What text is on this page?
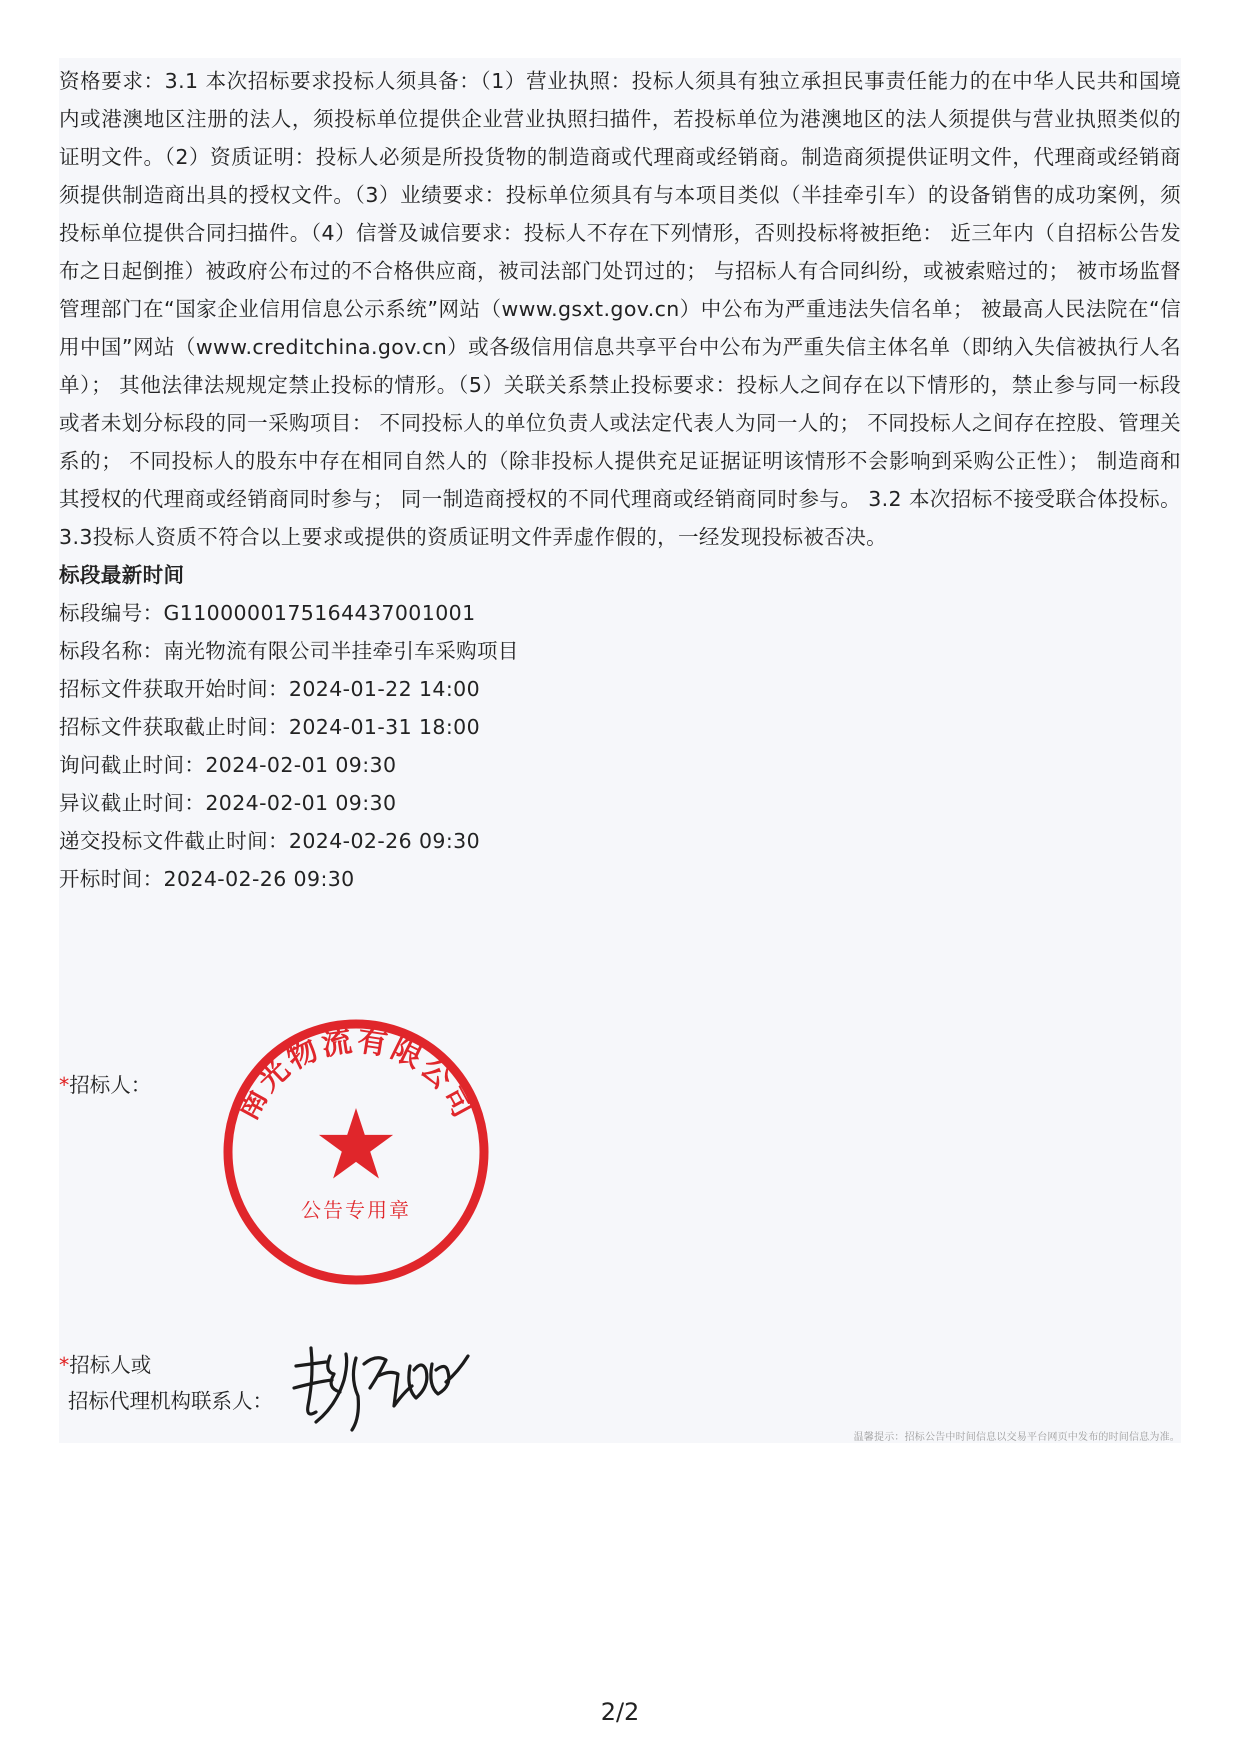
资格要求：3.1 本次招标要求投标人须具备：（1）营业执照：投标人须具有独立承担民事责任能力的在中华人民共和国境内或港澳地区注册的法人，须投标单位提供企业营业执照扫描件，若投标单位为港澳地区的法人须提供与营业执照类似的证明文件。（2）资质证明：投标人必须是所投货物的制造商或代理商或经销商。制造商须提供证明文件，代理商或经销商须提供制造商出具的授权文件。（3）业绩要求：投标单位须具有与本项目类似（半挂牵引车）的设备销售的成功案例，须投标单位提供合同扫描件。（4）信誉及诚信要求：投标人不存在下列情形，否则投标将被拒绝： 近三年内（自招标公告发布之日起倒推）被政府公布过的不合格供应商，被司法部门处罚过的； 与招标人有合同纠纷，或被索赔过的； 被市场监督管理部门在“国家企业信用信息公示系统”网站（www.gsxt.gov.cn）中公布为严重违法失信名单； 被最高人民法院在“信用中国”网站（www.creditchina.gov.cn）或各级信用信息共享平台中公布为严重失信主体名单（即纳入失信被执行人名单）； 其他法律法规规定禁止投标的情形。（5）关联关系禁止投标要求：投标人之间存在以下情形的，禁止参与同一标段或者未划分标段的同一采购项目： 不同投标人的单位负责人或法定代表人为同一人的； 不同投标人之间存在控股、管理关系的； 不同投标人的股东中存在相同自然人的（除非投标人提供充足证据证明该情形不会影响到采购公正性）； 制造商和其授权的代理商或经销商同时参与； 同一制造商授权的不同代理商或经销商同时参与。 3.2 本次招标不接受联合体投标。 3.3投标人资质不符合以上要求或提供的资质证明文件弄虚作假的，一经发现投标被否决。

标段最新时间

标段编号：G1100000175164437001001

标段名称：南光物流有限公司半挂牵引车采购项目

招标文件获取开始时间：2024-01-22 14:00

招标文件获取截止时间：2024-01-31 18:00

询问截止时间：2024-02-01 09:30

异议截止时间：2024-02-01 09:30

递交投标文件截止时间：2024-02-26 09:30

开标时间：2024-02-26 09:30

*招标人：	南光物流有限公司
公告专用章
*招标人或
招标代理机构联系人：
温馨提示：招标公告中时间信息以交易平台网页中发布的时间信息为准。
2/2
